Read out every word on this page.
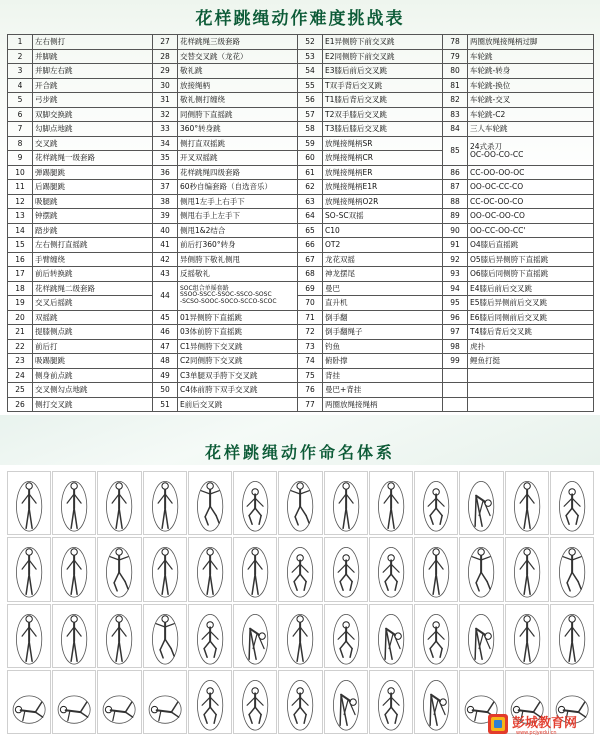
花样跳绳动作难度挑战表
1	左右侧打	27	花样跳绳三级套路	52	E1异侧胯下前交叉跳	78	两圈放绳接绳柄过脚
2	并脚跳	28	交替交叉跳（龙花）	53	E2同侧胯下前交叉跳	79	车轮跳
3	并脚左右跳	29	敬礼跳	54	E3膝后前后交叉跳	80	车轮跳-转身
4	开合跳	30	放接绳柄	55	T双手背后交叉跳	81	车轮跳-换位
5	弓步跳	31	敬礼侧打缠绕	56	T1膝后背后交叉跳	82	车轮跳-交叉
6	双脚交换跳	32	同侧胯下直摇跳	57	T2双手膝后交叉跳	83	车轮跳-C2
7	勾脚点地跳	33	360°转身跳	58	T3膝后膝后交叉跳	84	三人车轮跳
8	交叉跳	34	侧打直双摇跳	59	放绳接绳柄SR	85	24式杀刀
OC-OO-CO-CC
9	花样跳绳一级套路	35	开叉双摇跳	60	放绳接绳柄CR		
10	弹踢腿跳	36	花样跳绳四级套路	61	放绳接绳柄ER	86	CC-OO-OO-OC
11	后踢腿跳	37	60秒自编套路（自选音乐）	62	放绳接绳柄E1R	87	OO-OC-CC-CO
12	吸腿跳	38	侧甩1左手上右手下	63	放绳接绳柄O2R	88	CC-OC-OO-CO
13	钟摆跳	39	侧甩右手上左手下	64	SO-SC双摇	89	OO-OC-OO-CO
14	踏步跳	40	侧甩1&2结合	65	C10	90	OO-CC-OO-CC'
15	左右侧打直摇跳	41	前后打360°转身	66	OT2	91	O4膝后直摇跳
16	手臂缠绕	42	异侧胯下敬礼侧甩	67	龙花双摇	92	O5膝后异侧胯下直摇跳
17	前后转换跳	43	反摇敬礼	68	神龙摆尾	93	O6膝后同侧胯下直摇跳
18	花样跳绳二级套路	44	SOC组合单摇套路
SSOO-SSCC-SSOC-SSCO-SOSC
-SCSO-SOOC-SOCO-SCCO-SCOC	69	曼巴	94	E4膝后前后交叉跳
19	交叉后摇跳			70	直升机	95	E5膝后异侧前后交叉跳
20	双摇跳	45	01异侧胯下直摇跳	71	倒手翻	96	E6膝后同侧前后交叉跳
21	提膝侧点跳	46	03体前胯下直摇跳	72	倒手翻绳子	97	T4膝后背后交叉跳
22	前后打	47	C1异侧胯下交叉跳	73	钓鱼	98	虎扑
23	吸踢腿跳	48	C2同侧胯下交叉跳	74	俯卧撑	99	鲤鱼打挺
24	侧身前点跳	49	C3单腿双手胯下交叉跳	75	背挂		
25	交叉侧勾点地跳	50	C4体前胯下双手交叉跳	76	曼巴+背挂		
26	侧打交叉跳	51	E前后交叉跳	77	两圈放绳接绳柄		
花样跳绳动作命名体系
彭城教育网
www.pcjyedu.cn
